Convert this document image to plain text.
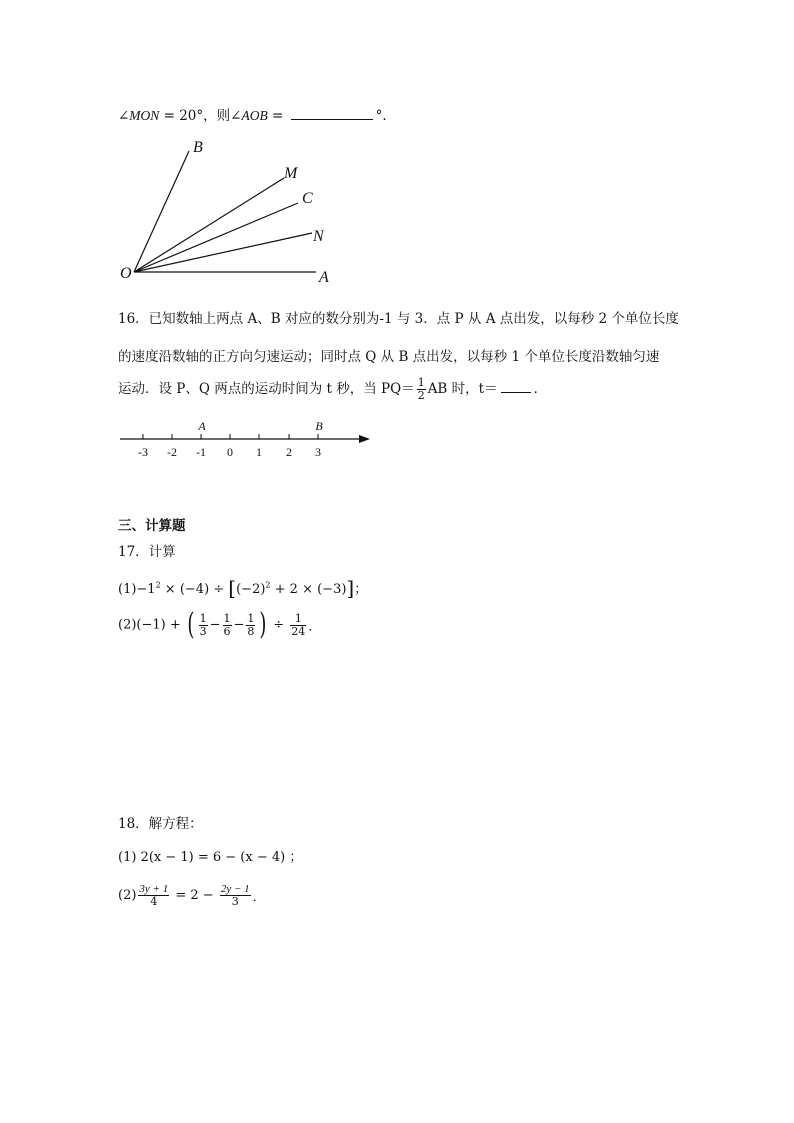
∠MON = 20°，则∠AOB =	°.
B
M
C
N
O	A
16．已知数轴上两点 A、B 对应的数分别为-1 与 3．点 P 从 A 点出发，以每秒 2 个单位长度
的速度沿数轴的正方向匀速运动；同时点 Q 从 B 点出发，以每秒 1 个单位长度沿数轴匀速
运动．设 P、Q 两点的运动时间为 t 秒，当 $PQ= \frac{1}{2}$ AB 时，t＝	．
-3 -2 -1 0 1 2 3
A	B
三、计算题
17．计算
$(1)-1^2 \times (-4) \div [(-2)^2 + 2 \times (-3)]$；
(2)(−1) + ( $\frac{1}{3} - \frac{1}{6} - \frac{1}{8}$ ) ÷ $\frac{1}{24}$ ．
18．解方程：
(1) 2(x − 1) = 6 − (x − 4) ；
$(2) \frac{3y + 1}{4} = 2 - \frac{2y - 1}{3}$ ．
